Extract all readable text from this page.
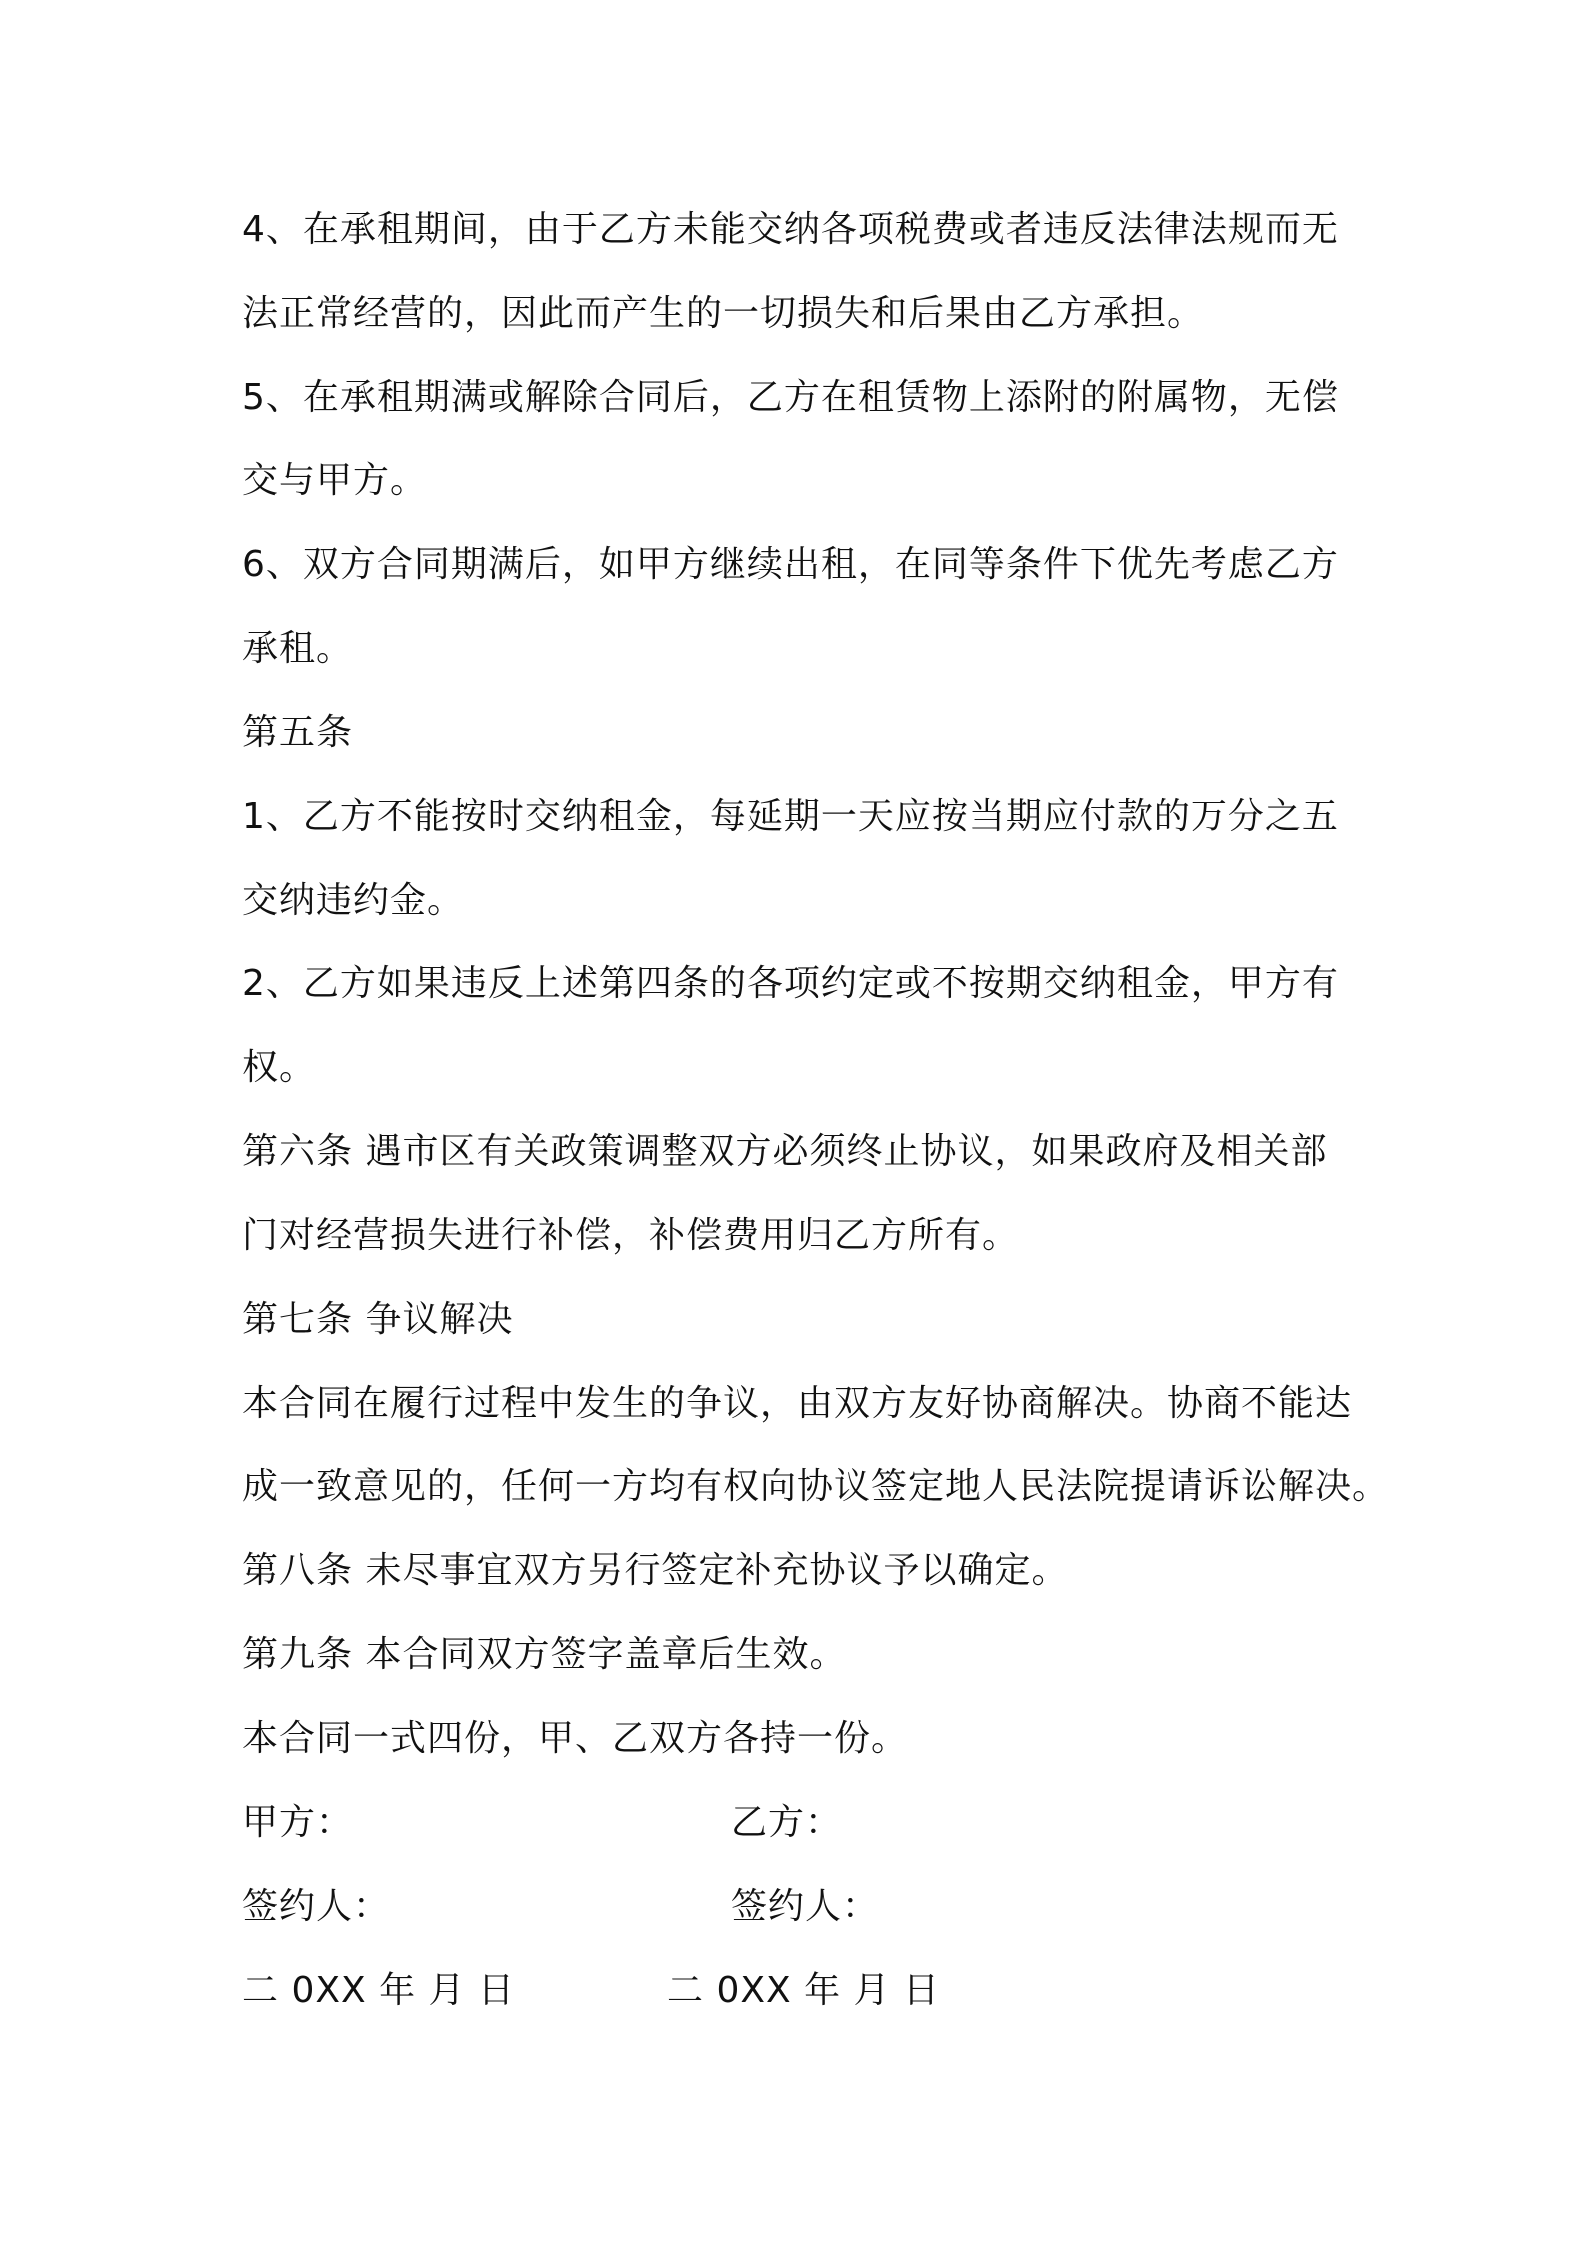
4、在承租期间，由于乙方未能交纳各项税费或者违反法律法规而无
法正常经营的，因此而产生的一切损失和后果由乙方承担。
5、在承租期满或解除合同后，乙方在租赁物上添附的附属物，无偿
交与甲方。
6、双方合同期满后，如甲方继续出租，在同等条件下优先考虑乙方
承租。
第五条
1、乙方不能按时交纳租金，每延期一天应按当期应付款的万分之五
交纳违约金。
2、乙方如果违反上述第四条的各项约定或不按期交纳租金，甲方有
权。
第六条 遇市区有关政策调整双方必须终止协议，如果政府及相关部
门对经营损失进行补偿，补偿费用归乙方所有。
第七条 争议解决
本合同在履行过程中发生的争议，由双方友好协商解决。协商不能达
成一致意见的，任何一方均有权向协议签定地人民法院提请诉讼解决。
第八条 未尽事宜双方另行签定补充协议予以确定。
第九条 本合同双方签字盖章后生效。
本合同一式四份，甲、乙双方各持一份。
甲方：	乙方：
签约人：	签约人：
二 0XX 年 月 日	二 0XX 年 月 日
